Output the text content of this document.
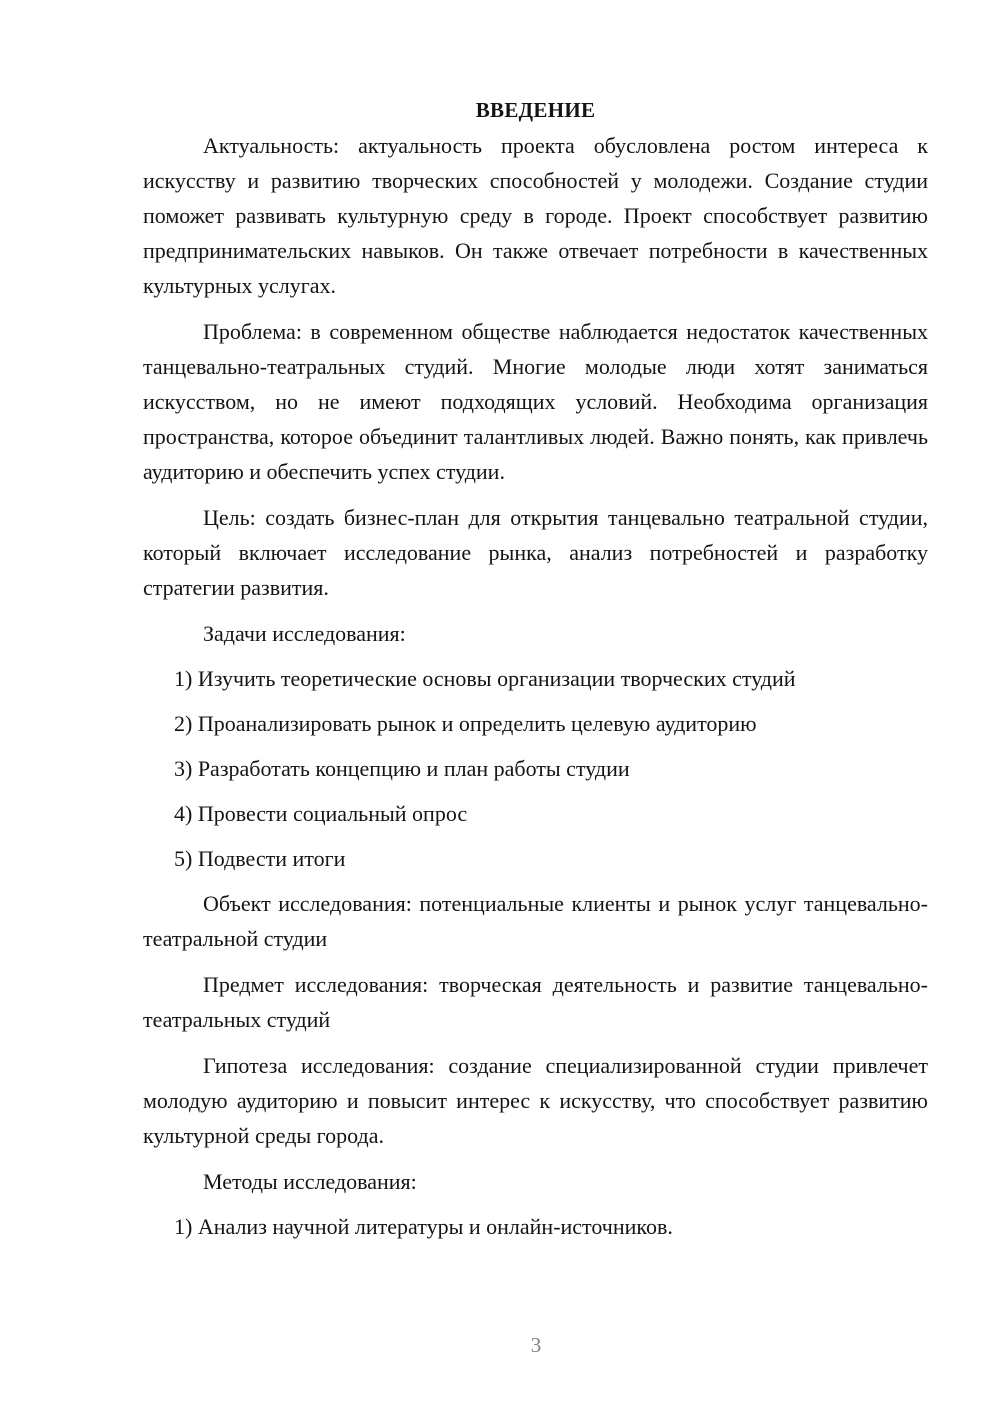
ВВЕДЕНИЕ

Актуальность: актуальность проекта обусловлена ростом интереса к искусству и развитию творческих способностей у молодежи. Создание студии поможет развивать культурную среду в городе. Проект способствует развитию предпринимательских навыков. Он также отвечает потребности в качественных культурных услугах.

Проблема: в современном обществе наблюдается недостаток качественных танцевально-театральных студий. Многие молодые люди хотят заниматься искусством, но не имеют подходящих условий. Необходима организация пространства, которое объединит талантливых людей. Важно понять, как привлечь аудиторию и обеспечить успех студии.

Цель: создать бизнес-план для открытия танцевально театральной студии, который включает исследование рынка, анализ потребностей и разработку стратегии развития.

Задачи исследования:

1) Изучить теоретические основы организации творческих студий

2) Проанализировать рынок и определить целевую аудиторию

3) Разработать концепцию и план работы студии

4) Провести социальный опрос

5) Подвести итоги

Объект исследования: потенциальные клиенты и рынок услуг танцевально-театральной студии

Предмет исследования: творческая деятельность и развитие танцевально-театральных студий

Гипотеза исследования: создание специализированной студии привлечет молодую аудиторию и повысит интерес к искусству, что способствует развитию культурной среды города.

Методы исследования:

1) Анализ научной литературы и онлайн-источников.

3
